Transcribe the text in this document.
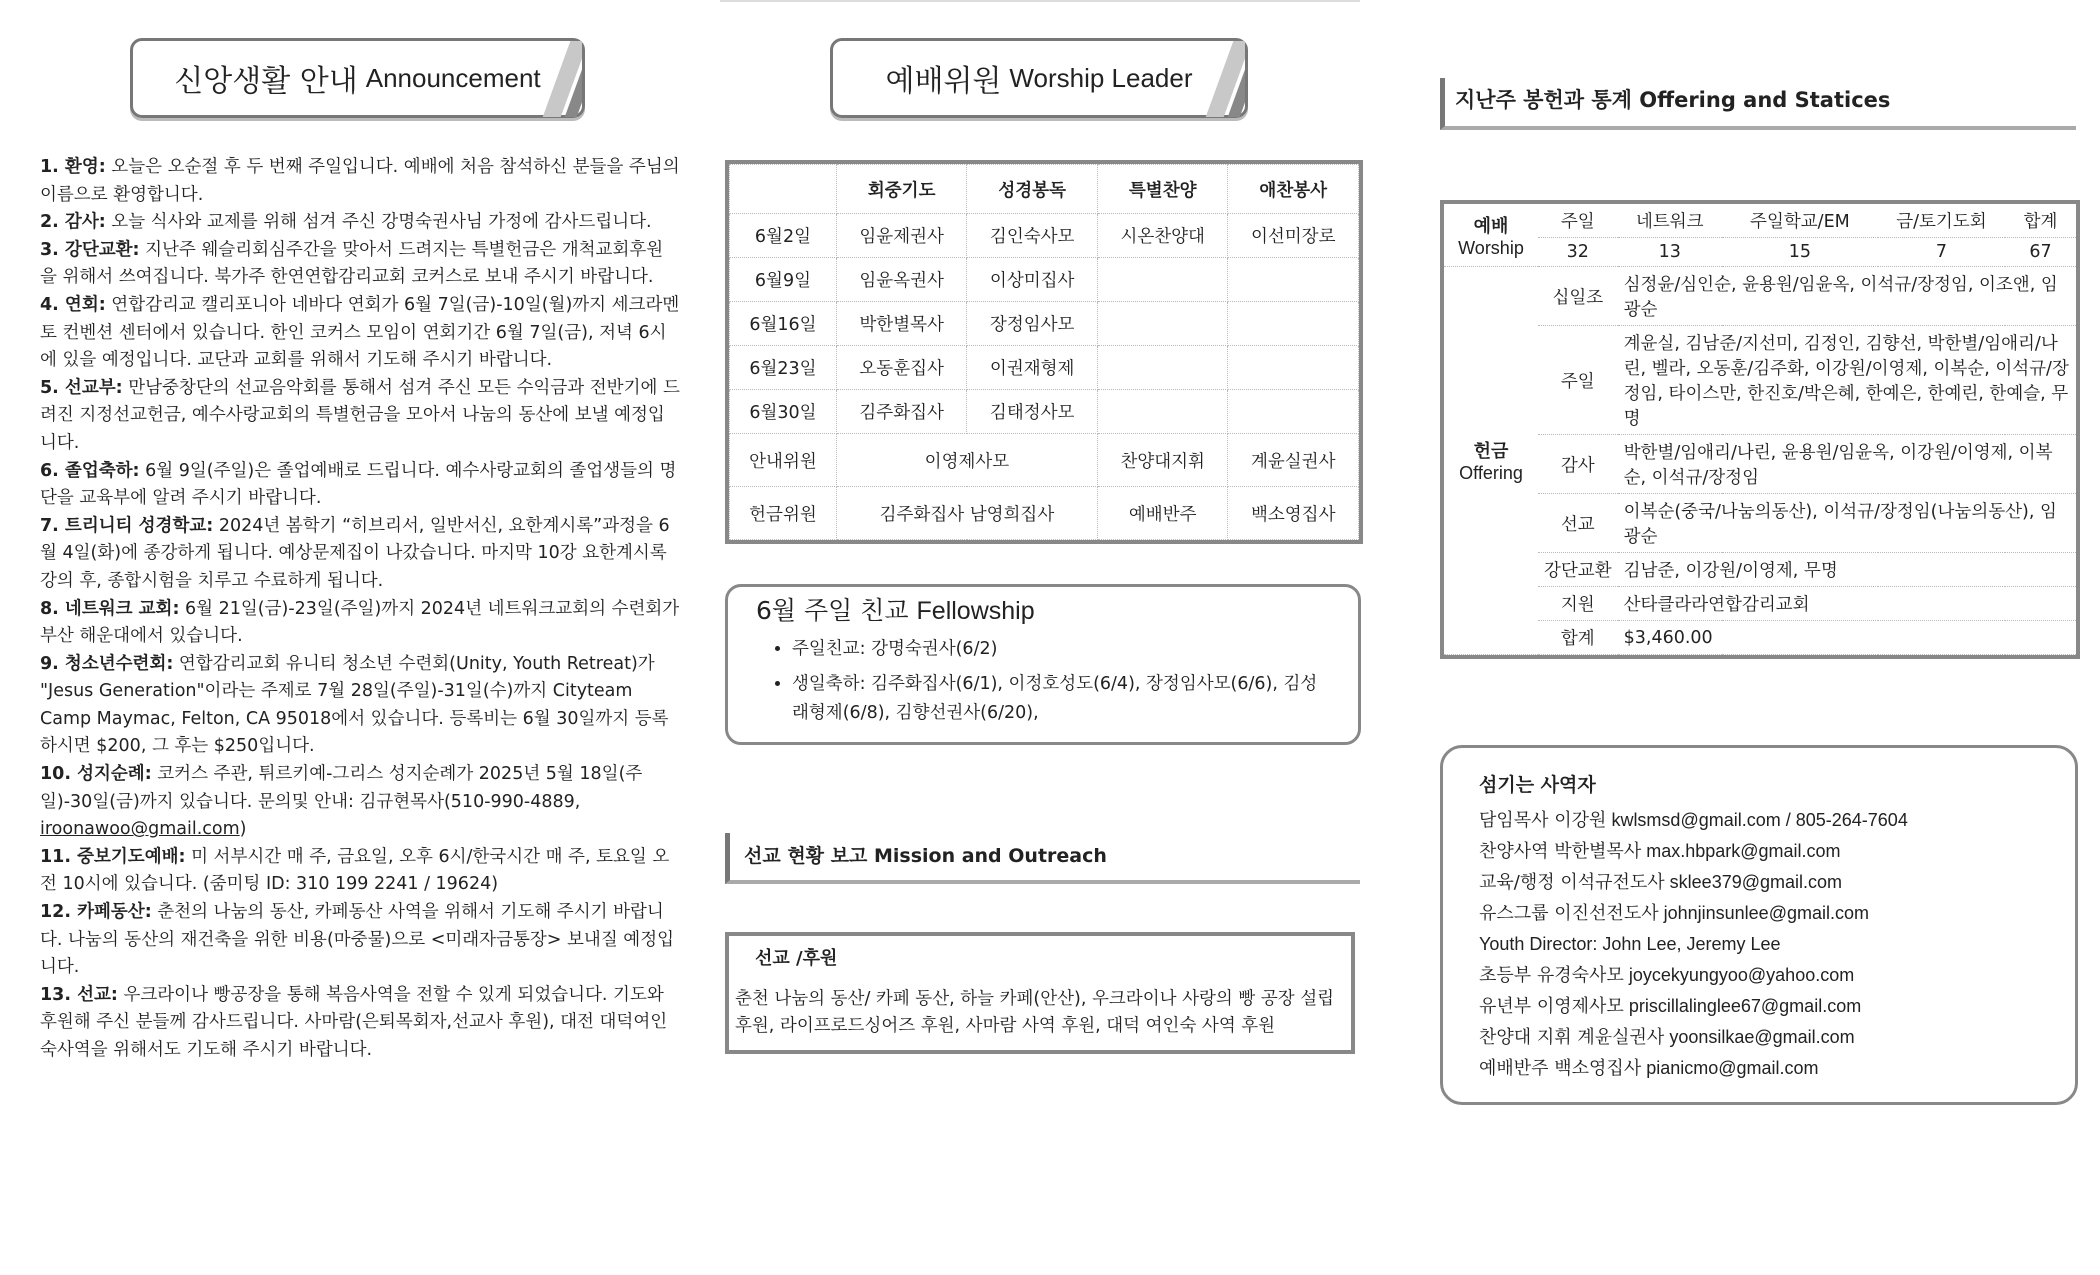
신앙생활 안내 Announcement
1. 환영: 오늘은 오순절 후 두 번째 주일입니다. 예배에 처음 참석하신 분들을 주님의 이름으로 환영합니다.
2. 감사: 오늘 식사와 교제를 위해 섬겨 주신 강명숙권사님 가정에 감사드립니다.
3. 강단교환: 지난주 웨슬리회심주간을 맞아서 드려지는 특별헌금은 개척교회후원을 위해서 쓰여집니다. 북가주 한연연합감리교회 코커스로 보내 주시기 바랍니다.
4. 연회: 연합감리교 캘리포니아 네바다 연회가 6월 7일(금)-10일(월)까지 세크라멘토 컨벤션 센터에서 있습니다. 한인 코커스 모임이 연회기간 6월 7일(금), 저녁 6시에 있을 예정입니다. 교단과 교회를 위해서 기도해 주시기 바랍니다.
5. 선교부: 만남중창단의 선교음악회를 통해서 섬겨 주신 모든 수익금과 전반기에 드려진 지정선교헌금, 예수사랑교회의 특별헌금을 모아서 나눔의 동산에 보낼 예정입니다.
6. 졸업축하: 6월 9일(주일)은 졸업예배로 드립니다. 예수사랑교회의 졸업생들의 명단을 교육부에 알려 주시기 바랍니다.
7. 트리니티 성경학교: 2024년 봄학기 “히브리서, 일반서신, 요한계시록”과정을 6월 4일(화)에 종강하게 됩니다. 예상문제집이 나갔습니다. 마지막 10강 요한계시록 강의 후, 종합시험을 치루고 수료하게 됩니다.
8. 네트워크 교회: 6월 21일(금)-23일(주일)까지 2024년 네트워크교회의 수련회가 부산 해운대에서 있습니다.
9. 청소년수련회: 연합감리교회 유니티 청소년 수련회(Unity, Youth Retreat)가 "Jesus Generation"이라는 주제로 7월 28일(주일)-31일(수)까지 Cityteam Camp Maymac, Felton, CA 95018에서 있습니다. 등록비는 6월 30일까지 등록하시면 $200, 그 후는 $250입니다.
10. 성지순례: 코커스 주관, 튀르키예-그리스 성지순례가 2025년 5월 18일(주일)-30일(금)까지 있습니다. 문의및 안내: 김규현목사(510-990-4889, iroonawoo@gmail.com)
11. 중보기도예배: 미 서부시간 매 주, 금요일, 오후 6시/한국시간 매 주, 토요일 오전 10시에 있습니다. (줌미팅 ID: 310 199 2241 / 19624)
12. 카페동산: 춘천의 나눔의 동산, 카페동산 사역을 위해서 기도해 주시기 바랍니다. 나눔의 동산의 재건축을 위한 비용(마중물)으로 <미래자금통장> 보내질 예정입니다.
13. 선교: 우크라이나 빵공장을 통해 복음사역을 전할 수 있게 되었습니다. 기도와 후원해 주신 분들께 감사드립니다. 사마람(은퇴목회자,선교사 후원), 대전 대덕여인숙사역을 위해서도 기도해 주시기 바랍니다.
예배위원 Worship Leader
	회중기도	성경봉독	특별찬양	애찬봉사
6월2일	임윤제권사	김인숙사모	시온찬양대	이선미장로
6월9일	임윤옥권사	이상미집사		
6월16일	박한별목사	장정임사모		
6월23일	오동훈집사	이권재형제		
6월30일	김주화집사	김태정사모		
안내위원	이영제사모		찬양대지휘	계윤실권사
헌금위원	김주화집사 남영희집사		예배반주	백소영집사
6월 주일 친교 Fellowship
• 주일친교: 강명숙권사(6/2)
• 생일축하: 김주화집사(6/1), 이정호성도(6/4), 장정임사모(6/6), 김성래형제(6/8), 김향선권사(6/20),
선교 현황 보고 Mission and Outreach
선교 /후원
춘천 나눔의 동산/ 카페 동산, 하늘 카페(안산), 우크라이나 사랑의 빵 공장 설립 후원, 라이프로드싱어즈 후원, 사마람 사역 후원, 대덕 여인숙 사역 후원
지난주 봉헌과 통계 Offering and Statices
예배
Worship	주일	네트워크	주일학교/EM	금/토기도회	합계
	32	13	15	7	67
헌금
Offering	십일조	심정윤/심인순, 윤용원/임윤옥, 이석규/장정임, 이조앤, 임광순			
	주일	계윤실, 김남준/지선미, 김정인, 김향선, 박한별/임애리/나린, 벨라, 오동훈/김주화, 이강원/이영제, 이복순, 이석규/장정임, 타이스만, 한진호/박은혜, 한예은, 한예린, 한예슬, 무명			
	감사	박한별/임애리/나린, 윤용원/임윤옥, 이강원/이영제, 이복순, 이석규/장정임			
	선교	이복순(중국/나눔의동산), 이석규/장정임(나눔의동산), 임광순			
	강단교환	김남준, 이강원/이영제, 무명			
	지원	산타클라라연합감리교회			
	합계	$3,460.00			
섬기는 사역자
담임목사 이강원 kwlsmsd@gmail.com / 805-264-7604
찬양사역 박한별목사 max.hbpark@gmail.com
교육/행정 이석규전도사 sklee379@gmail.com
유스그룹 이진선전도사 johnjinsunlee@gmail.com
Youth Director: John Lee, Jeremy Lee
초등부 유경숙사모 joycekyungyoo@yahoo.com
유년부 이영제사모 priscillalinglee67@gmail.com
찬양대 지휘 계윤실권사 yoonsilkae@gmail.com
예배반주 백소영집사 pianicmo@gmail.com
